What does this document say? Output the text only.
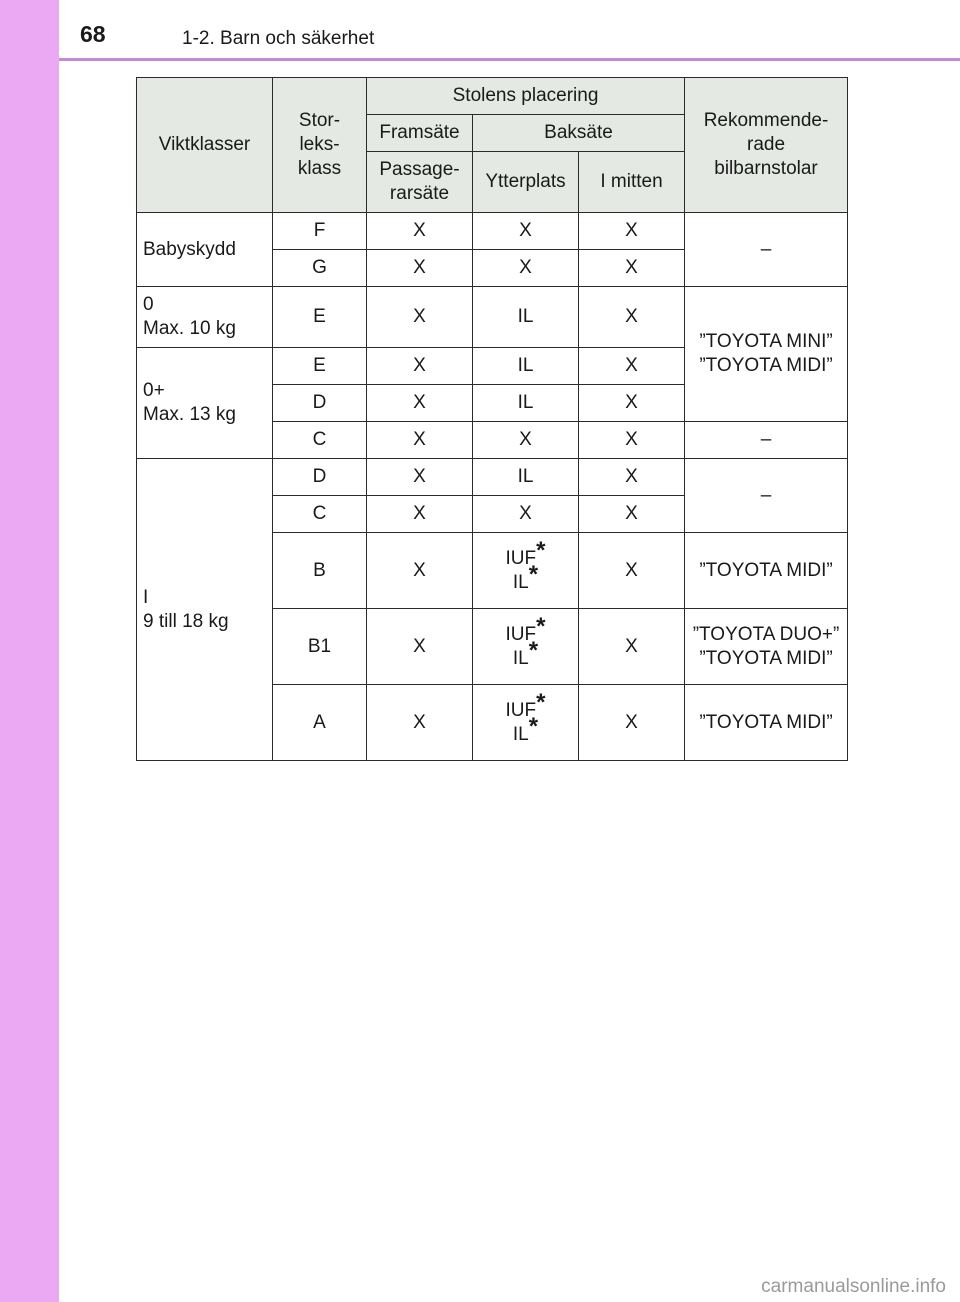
68	1-2. Barn och säkerhet
Viktklasser	Stor-
leks-
klass	Stolens placering			Rekommende-
rade
bilbarnstolar
		Framsäte	Baksäte		
		Passage-
rarsäte	Ytterplats	I mitten	
Babyskydd	F	X	X	X	–
	G	X	X	X	
0
Max. 10 kg	E	X	IL	X	”TOYOTA MINI”
”TOYOTA MIDI”
0+
Max. 13 kg	E	X	IL	X	
	D	X	IL	X	
	C	X	X	X	–
I
9 till 18 kg	D	X	IL	X	–
	C	X	X	X	
	B	X	IUF*
IL*	X	”TOYOTA MIDI”
	B1	X	IUF*
IL*	X	”TOYOTA DUO+”
”TOYOTA MIDI”
	A	X	IUF*
IL*	X	”TOYOTA MIDI”
carmanualsonline.info
